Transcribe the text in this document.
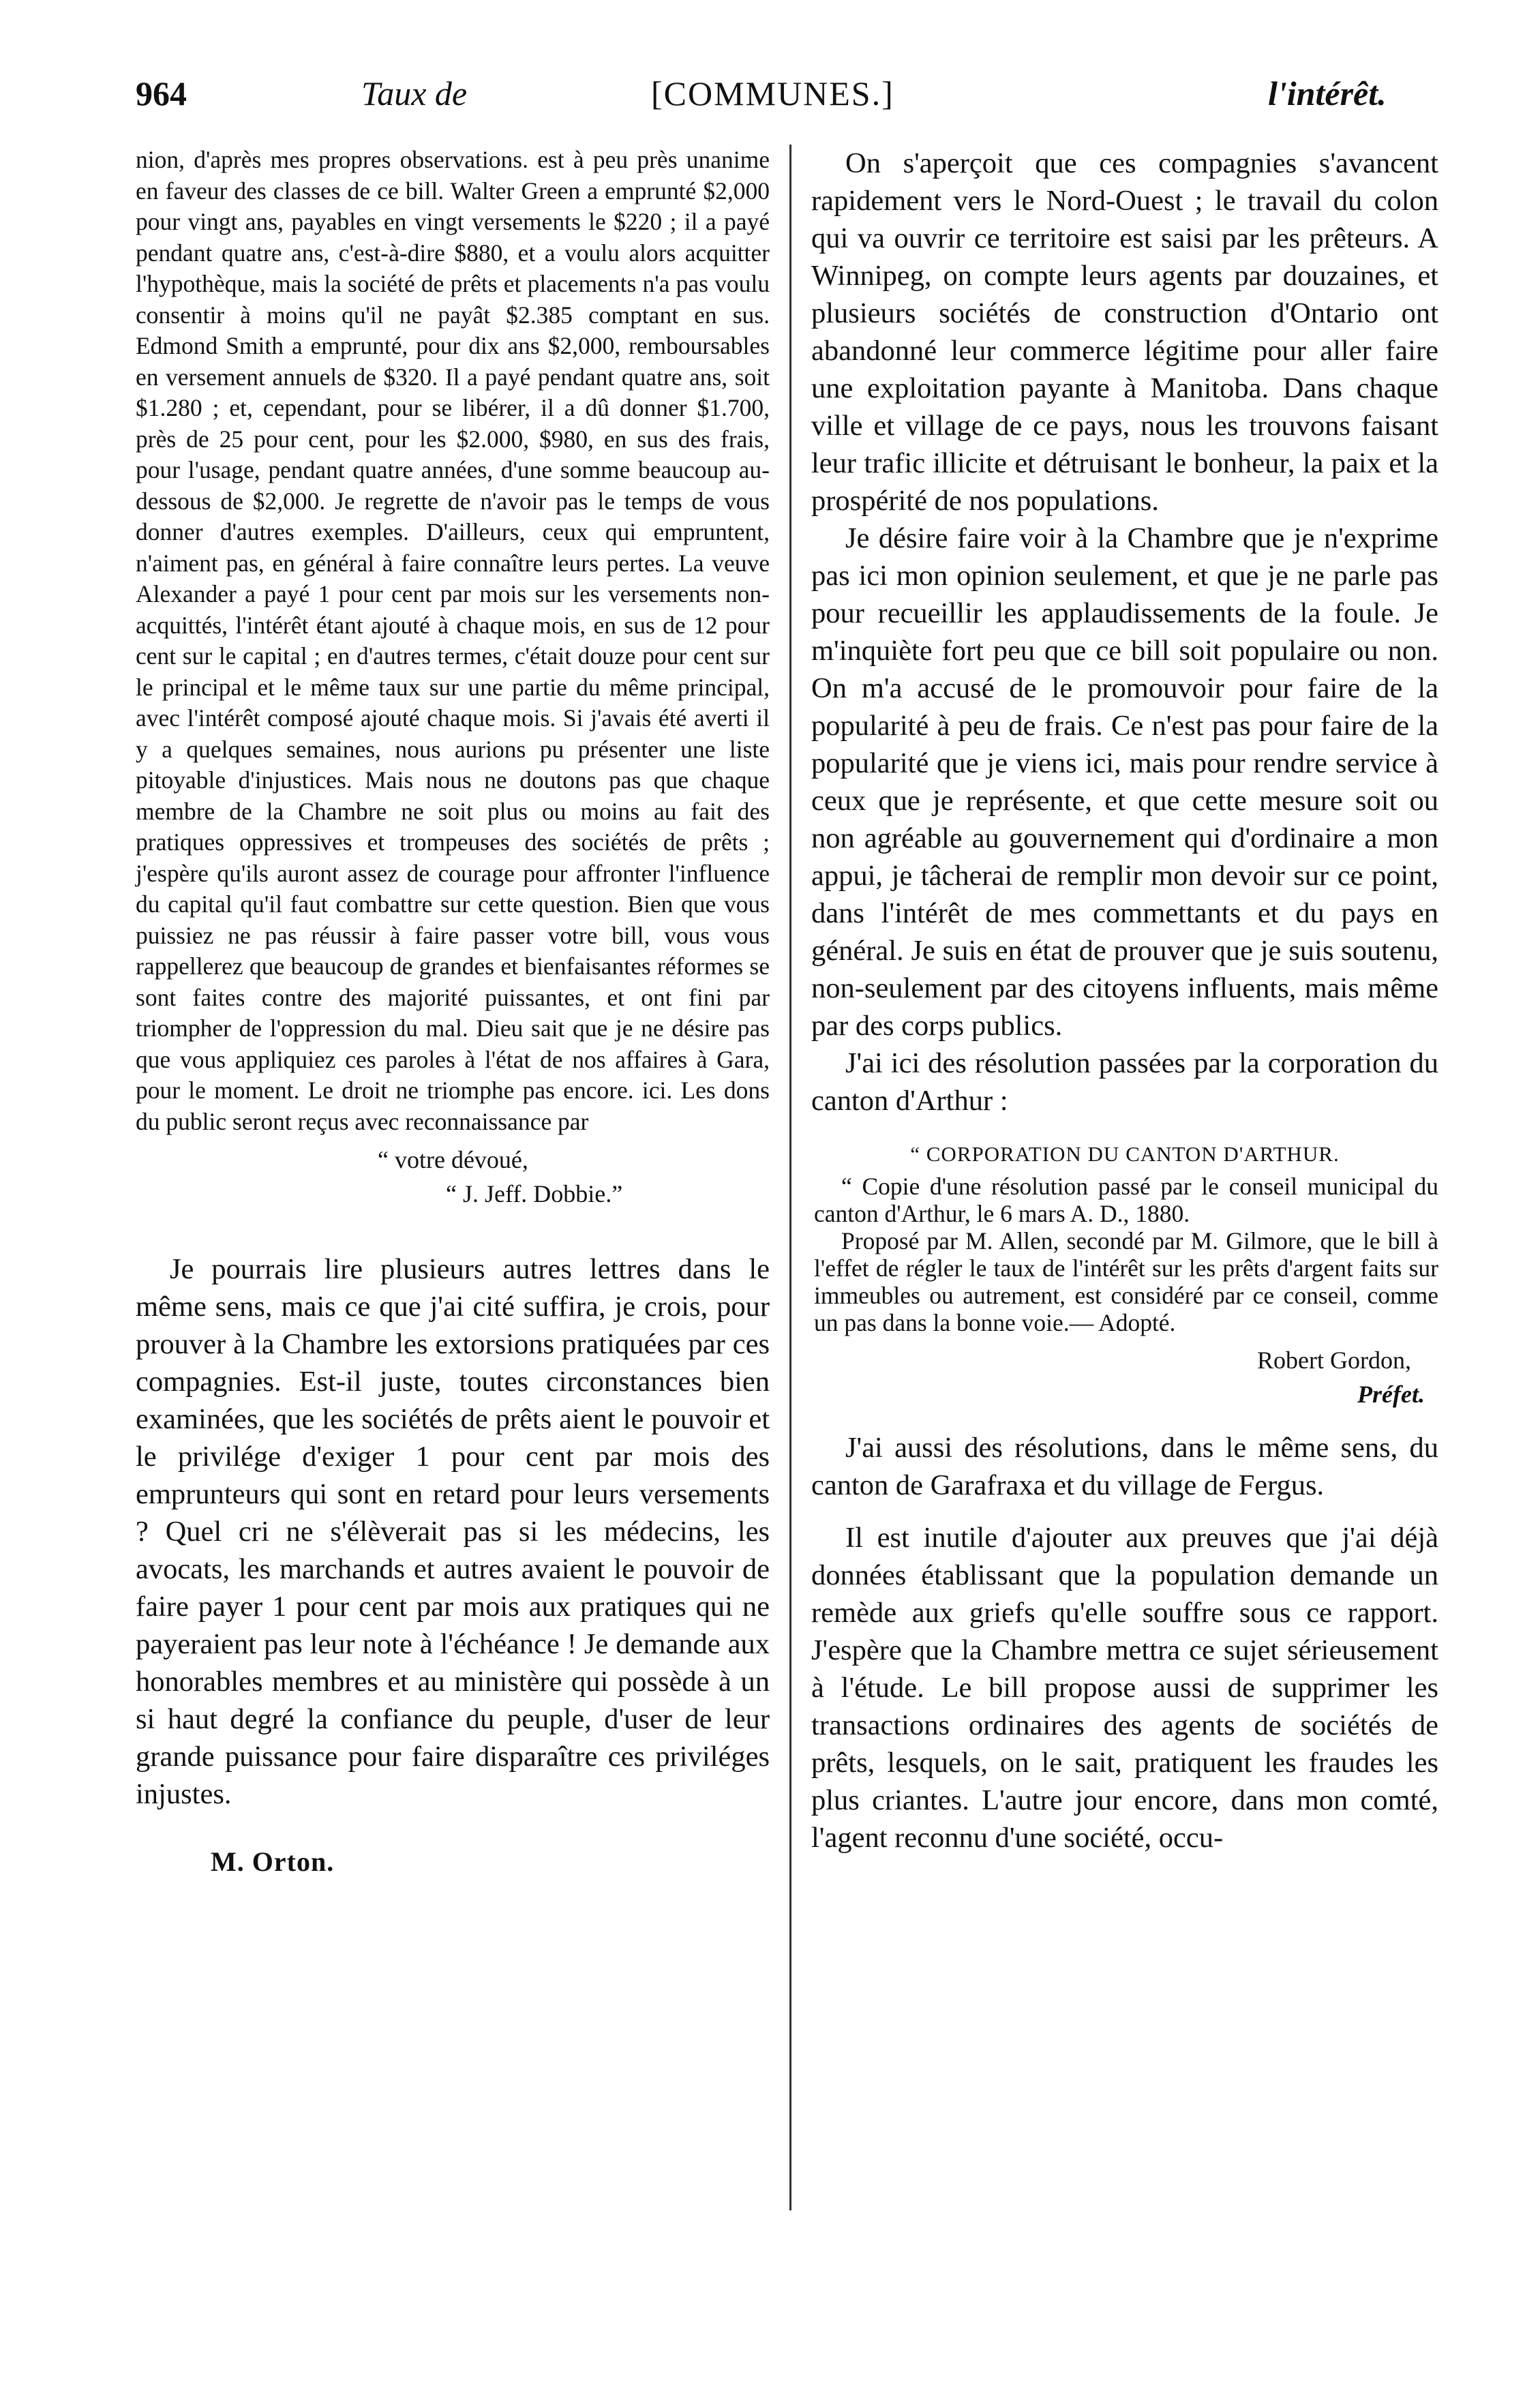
964	Taux de	[COMMUNES.]	l'intérêt.

nion, d'après mes propres observations. est à peu près unanime en faveur des classes de ce bill. Walter Green a emprunté $2,000 pour vingt ans, payables en vingt versements le $220 ; il a payé pendant quatre ans, c'est-à-dire $880, et a voulu alors acquitter l'hypothèque, mais la société de prêts et placements n'a pas voulu consentir à moins qu'il ne payât $2.385 comptant en sus. Edmond Smith a emprunté, pour dix ans $2,000, remboursables en versement annuels de $320. Il a payé pendant quatre ans, soit $1.280 ; et, cependant, pour se libérer, il a dû donner $1.700, près de 25 pour cent, pour les $2.000, $980, en sus des frais, pour l'usage, pendant quatre années, d'une somme beaucoup au-dessous de $2,000. Je regrette de n'avoir pas le temps de vous donner d'autres exemples. D'ailleurs, ceux qui empruntent, n'aiment pas, en général à faire connaître leurs pertes. La veuve Alexander a payé 1 pour cent par mois sur les versements non-acquittés, l'intérêt étant ajouté à chaque mois, en sus de 12 pour cent sur le capital ; en d'autres termes, c'était douze pour cent sur le principal et le même taux sur une partie du même principal, avec l'intérêt composé ajouté chaque mois. Si j'avais été averti il y a quelques semaines, nous aurions pu présenter une liste pitoyable d'injustices. Mais nous ne doutons pas que chaque membre de la Chambre ne soit plus ou moins au fait des pratiques oppressives et trompeuses des sociétés de prêts ; j'espère qu'ils auront assez de courage pour affronter l'influence du capital qu'il faut combattre sur cette question. Bien que vous puissiez ne pas réussir à faire passer votre bill, vous vous rappellerez que beaucoup de grandes et bienfaisantes réformes se sont faites contre des majorité puissantes, et ont fini par triompher de l'oppression du mal. Dieu sait que je ne désire pas que vous appliquiez ces paroles à l'état de nos affaires à Gara, pour le moment. Le droit ne triomphe pas encore. ici. Les dons du public seront reçus avec reconnaissance par

“ votre dévoué,

“ J. Jeff. Dobbie.”

Je pourrais lire plusieurs autres lettres dans le même sens, mais ce que j'ai cité suffira, je crois, pour prouver à la Chambre les extorsions pratiquées par ces compagnies. Est-il juste, toutes circonstances bien examinées, que les sociétés de prêts aient le pouvoir et le privilége d'exiger 1 pour cent par mois des emprunteurs qui sont en retard pour leurs versements ? Quel cri ne s'élèverait pas si les médecins, les avocats, les marchands et autres avaient le pouvoir de faire payer 1 pour cent par mois aux pratiques qui ne payeraient pas leur note à l'échéance ! Je demande aux honorables membres et au ministère qui possède à un si haut degré la confiance du peuple, d'user de leur grande puissance pour faire disparaître ces priviléges injustes.

M. Orton.

On s'aperçoit que ces compagnies s'avancent rapidement vers le Nord-Ouest ; le travail du colon qui va ouvrir ce territoire est saisi par les prêteurs. A Winnipeg, on compte leurs agents par douzaines, et plusieurs sociétés de construction d'Ontario ont abandonné leur commerce légitime pour aller faire une exploitation payante à Manitoba. Dans chaque ville et village de ce pays, nous les trouvons faisant leur trafic illicite et détruisant le bonheur, la paix et la prospérité de nos populations.

Je désire faire voir à la Chambre que je n'exprime pas ici mon opinion seulement, et que je ne parle pas pour recueillir les applaudissements de la foule. Je m'inquiète fort peu que ce bill soit populaire ou non. On m'a accusé de le promouvoir pour faire de la popularité à peu de frais. Ce n'est pas pour faire de la popularité que je viens ici, mais pour rendre service à ceux que je représente, et que cette mesure soit ou non agréable au gouvernement qui d'ordinaire a mon appui, je tâcherai de remplir mon devoir sur ce point, dans l'intérêt de mes commettants et du pays en général. Je suis en état de prouver que je suis soutenu, non-seulement par des citoyens influents, mais même par des corps publics.

J'ai ici des résolution passées par la corporation du canton d'Arthur :

“ CORPORATION DU CANTON D'ARTHUR.

“ Copie d'une résolution passé par le conseil municipal du canton d'Arthur, le 6 mars A. D., 1880.

Proposé par M. Allen, secondé par M. Gilmore, que le bill à l'effet de régler le taux de l'intérêt sur les prêts d'argent faits sur immeubles ou autrement, est considéré par ce conseil, comme un pas dans la bonne voie.— Adopté.

Robert Gordon,

Préfet.

J'ai aussi des résolutions, dans le même sens, du canton de Garafraxa et du village de Fergus.

Il est inutile d'ajouter aux preuves que j'ai déjà données établissant que la population demande un remède aux griefs qu'elle souffre sous ce rapport. J'espère que la Chambre mettra ce sujet sérieusement à l'étude. Le bill propose aussi de supprimer les transactions ordinaires des agents de sociétés de prêts, lesquels, on le sait, pratiquent les fraudes les plus criantes. L'autre jour encore, dans mon comté, l'agent reconnu d'une société, occu-
